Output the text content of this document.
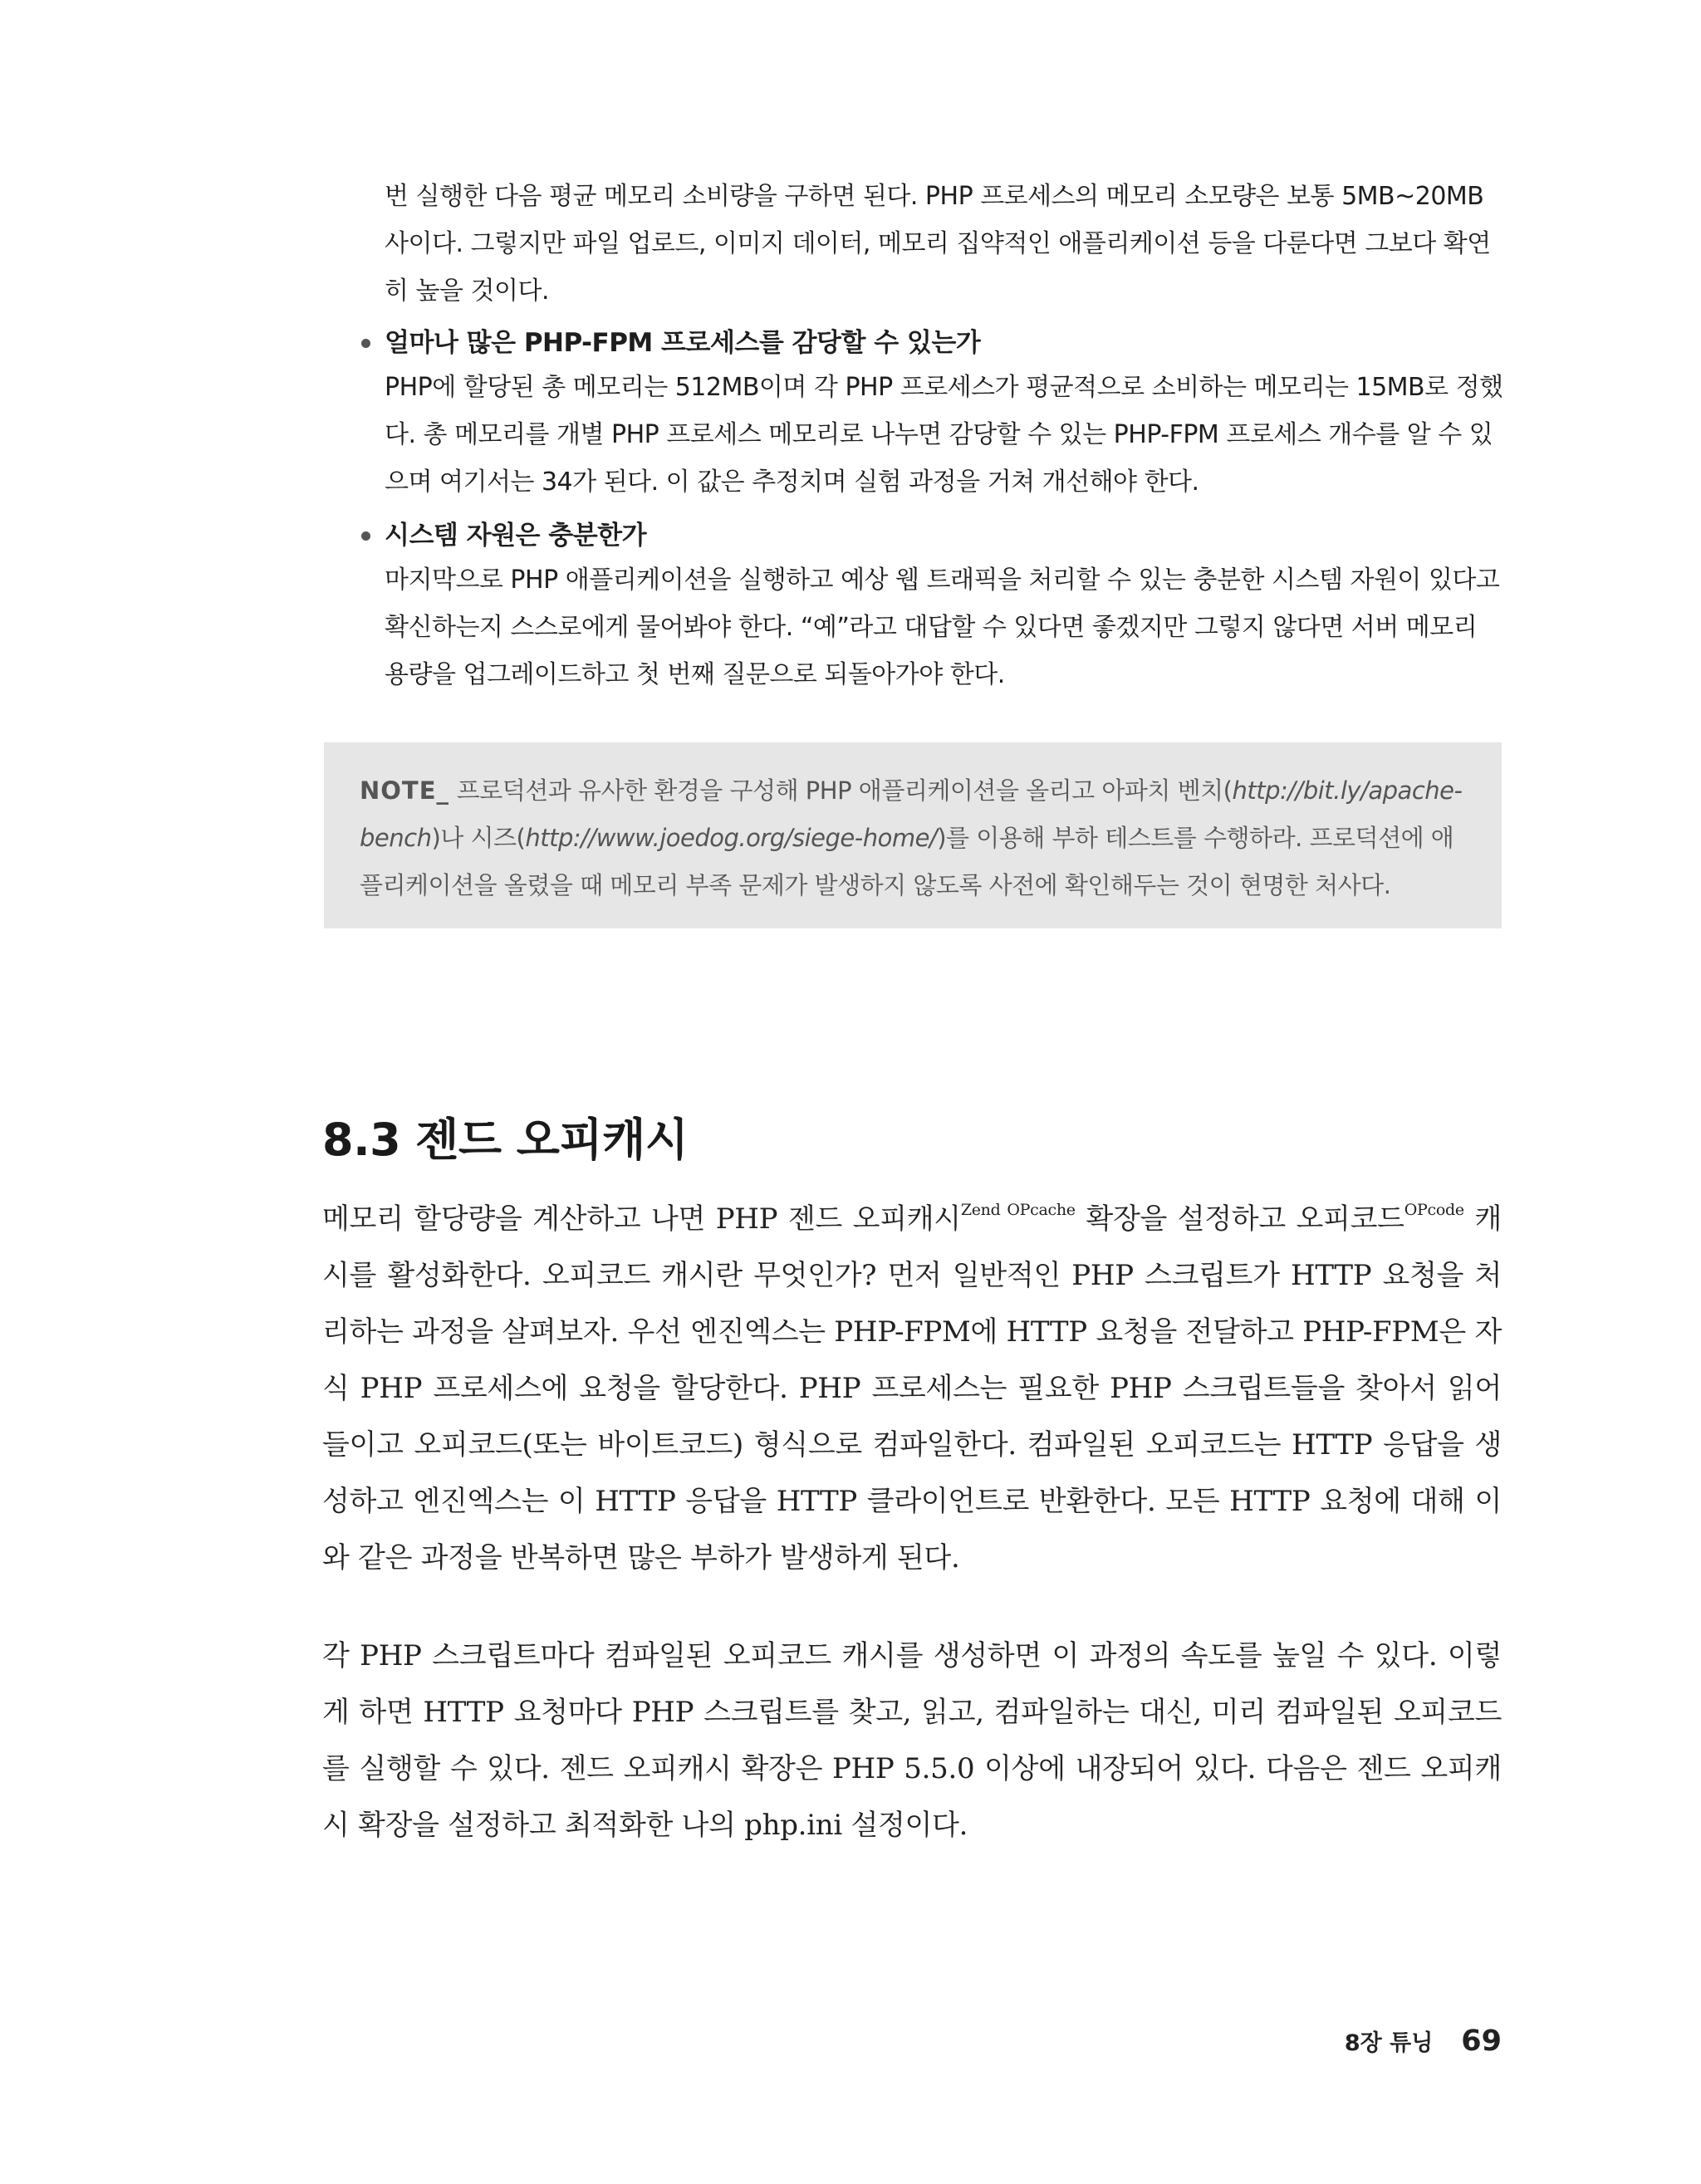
번 실행한 다음 평균 메모리 소비량을 구하면 된다. PHP 프로세스의 메모리 소모량은 보통 5MB~20MB 사이다. 그렇지만 파일 업로드, 이미지 데이터, 메모리 집약적인 애플리케이션 등을 다룬다면 그보다 확연히 높을 것이다.

얼마나 많은 PHP-FPM 프로세스를 감당할 수 있는가

PHP에 할당된 총 메모리는 512MB이며 각 PHP 프로세스가 평균적으로 소비하는 메모리는 15MB로 정했다. 총 메모리를 개별 PHP 프로세스 메모리로 나누면 감당할 수 있는 PHP-FPM 프로세스 개수를 알 수 있으며 여기서는 34가 된다. 이 값은 추정치며 실험 과정을 거쳐 개선해야 한다.

시스템 자원은 충분한가

마지막으로 PHP 애플리케이션을 실행하고 예상 웹 트래픽을 처리할 수 있는 충분한 시스템 자원이 있다고 확신하는지 스스로에게 물어봐야 한다. “예”라고 대답할 수 있다면 좋겠지만 그렇지 않다면 서버 메모리 용량을 업그레이드하고 첫 번째 질문으로 되돌아가야 한다.

NOTE_ 프로덕션과 유사한 환경을 구성해 PHP 애플리케이션을 올리고 아파치 벤치(http://bit.ly/apache-bench)나 시즈(http://www.joedog.org/siege-home/)를 이용해 부하 테스트를 수행하라. 프로덕션에 애플리케이션을 올렸을 때 메모리 부족 문제가 발생하지 않도록 사전에 확인해두는 것이 현명한 처사다.
8.3 젠드 오피캐시

메모리 할당량을 계산하고 나면 PHP 젠드 오피캐시$^{Zend OPcache}$ 확장을 설정하고 오피코드$^{OPcode}$ 캐시를 활성화한다. 오피코드 캐시란 무엇인가? 먼저 일반적인 PHP 스크립트가 HTTP 요청을 처리하는 과정을 살펴보자. 우선 엔진엑스는 PHP-FPM에 HTTP 요청을 전달하고 PHP-FPM은 자식 PHP 프로세스에 요청을 할당한다. PHP 프로세스는 필요한 PHP 스크립트들을 찾아서 읽어들이고 오피코드(또는 바이트코드) 형식으로 컴파일한다. 컴파일된 오피코드는 HTTP 응답을 생성하고 엔진엑스는 이 HTTP 응답을 HTTP 클라이언트로 반환한다. 모든 HTTP 요청에 대해 이와 같은 과정을 반복하면 많은 부하가 발생하게 된다.

각 PHP 스크립트마다 컴파일된 오피코드 캐시를 생성하면 이 과정의 속도를 높일 수 있다. 이렇게 하면 HTTP 요청마다 PHP 스크립트를 찾고, 읽고, 컴파일하는 대신, 미리 컴파일된 오피코드를 실행할 수 있다. 젠드 오피캐시 확장은 PHP 5.5.0 이상에 내장되어 있다. 다음은 젠드 오피캐시 확장을 설정하고 최적화한 나의 php.ini 설정이다.

8장 튜닝 69
